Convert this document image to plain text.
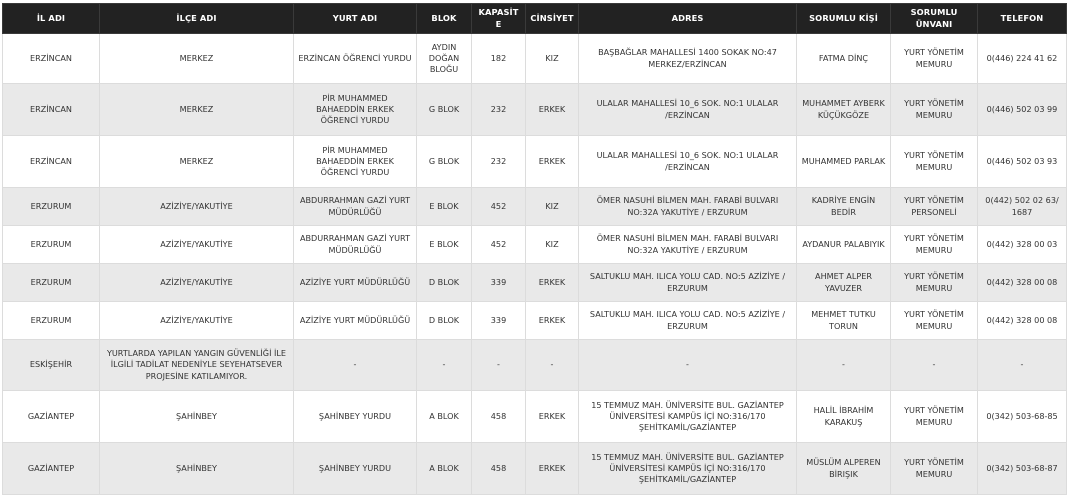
İL ADI	İLÇE ADI	YURT ADI	BLOK	KAPASİTE	CİNSİYET	ADRES	SORUMLU KİŞİ	SORUMLU ÜNVANI	TELEFON
ERZİNCAN	MERKEZ	ERZİNCAN ÖĞRENCİ YURDU	AYDIN DOĞAN BLOĞU	182	KIZ	BAŞBAĞLAR MAHALLESİ 1400 SOKAK NO:47 MERKEZ/ERZİNCAN	FATMA DİNÇ	YURT YÖNETİM MEMURU	0(446) 224 41 62
ERZİNCAN	MERKEZ	PİR MUHAMMED BAHAEDDİN ERKEK ÖĞRENCİ YURDU	G BLOK	232	ERKEK	ULALAR MAHALLESİ 10_6 SOK. NO:1 ULALAR /ERZİNCAN	MUHAMMET AYBERK KÜÇÜKGÖZE	YURT YÖNETİM MEMURU	0(446) 502 03 99
ERZİNCAN	MERKEZ	PİR MUHAMMED BAHAEDDİN ERKEK ÖĞRENCİ YURDU	G BLOK	232	ERKEK	ULALAR MAHALLESİ 10_6 SOK. NO:1 ULALAR /ERZİNCAN	MUHAMMED PARLAK	YURT YÖNETİM MEMURU	0(446) 502 03 93
ERZURUM	AZİZİYE/YAKUTİYE	ABDURRAHMAN GAZİ YURT MÜDÜRLÜĞÜ	E BLOK	452	KIZ	ÖMER NASUHİ BİLMEN MAH. FARABİ BULVARI NO:32A YAKUTİYE / ERZURUM	KADRİYE ENGİN BEDİR	YURT YÖNETİM PERSONELİ	0(442) 502 02 63/ 1687
ERZURUM	AZİZİYE/YAKUTİYE	ABDURRAHMAN GAZİ YURT MÜDÜRLÜĞÜ	E BLOK	452	KIZ	ÖMER NASUHİ BİLMEN MAH. FARABİ BULVARI NO:32A YAKUTİYE / ERZURUM	AYDANUR PALABIYIK	YURT YÖNETİM MEMURU	0(442) 328 00 03
ERZURUM	AZİZİYE/YAKUTİYE	AZİZİYE YURT MÜDÜRLÜĞÜ	D BLOK	339	ERKEK	SALTUKLU MAH. ILICA YOLU CAD. NO:5 AZİZİYE / ERZURUM	AHMET ALPER YAVUZER	YURT YÖNETİM MEMURU	0(442) 328 00 08
ERZURUM	AZİZİYE/YAKUTİYE	AZİZİYE YURT MÜDÜRLÜĞÜ	D BLOK	339	ERKEK	SALTUKLU MAH. ILICA YOLU CAD. NO:5 AZİZİYE / ERZURUM	MEHMET TUTKU TORUN	YURT YÖNETİM MEMURU	0(442) 328 00 08
ESKİŞEHİR	YURTLARDA YAPILAN YANGIN GÜVENLİĞİ İLE İLGİLİ TADİLAT NEDENİYLE SEYEHATSEVER PROJESİNE KATILAMIYOR.	-	-	-	-	-	-	-	-
GAZİANTEP	ŞAHİNBEY	ŞAHİNBEY YURDU	A BLOK	458	ERKEK	15 TEMMUZ MAH. ÜNİVERSİTE BUL. GAZİANTEP ÜNİVERSİTESİ KAMPÜS İÇİ NO:316/170 ŞEHİTKAMİL/GAZİANTEP	HALİL İBRAHİM KARAKUŞ	YURT YÖNETİM MEMURU	0(342) 503-68-85
GAZİANTEP	ŞAHİNBEY	ŞAHİNBEY YURDU	A BLOK	458	ERKEK	15 TEMMUZ MAH. ÜNİVERSİTE BUL. GAZİANTEP ÜNİVERSİTESİ KAMPÜS İÇİ NO:316/170 ŞEHİTKAMİL/GAZİANTEP	MÜSLÜM ALPEREN BİRIŞIK	YURT YÖNETİM MEMURU	0(342) 503-68-87
